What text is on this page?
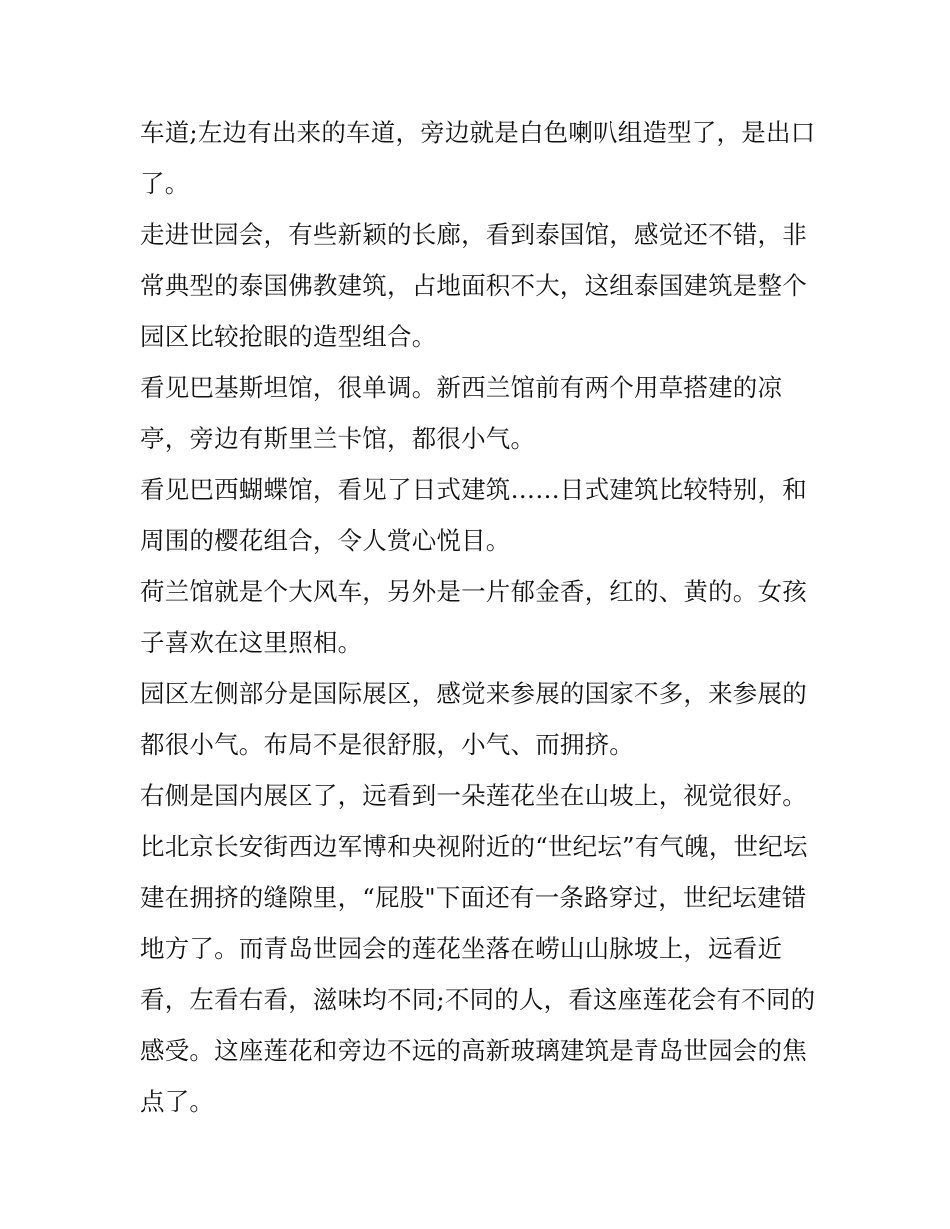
车道;左边有出来的车道，旁边就是白色喇叭组造型了，是出口了。

走进世园会，有些新颖的长廊，看到泰国馆，感觉还不错，非常典型的泰国佛教建筑，占地面积不大，这组泰国建筑是整个园区比较抢眼的造型组合。

看见巴基斯坦馆，很单调。新西兰馆前有两个用草搭建的凉亭，旁边有斯里兰卡馆，都很小气。

看见巴西蝴蝶馆，看见了日式建筑……日式建筑比较特别，和周围的樱花组合，令人赏心悦目。

荷兰馆就是个大风车，另外是一片郁金香，红的、黄的。女孩子喜欢在这里照相。

园区左侧部分是国际展区，感觉来参展的国家不多，来参展的都很小气。布局不是很舒服，小气、而拥挤。

右侧是国内展区了，远看到一朵莲花坐在山坡上，视觉很好。比北京长安街西边军博和央视附近的“世纪坛”有气魄，世纪坛建在拥挤的缝隙里，“屁股"下面还有一条路穿过，世纪坛建错地方了。而青岛世园会的莲花坐落在崂山山脉坡上，远看近看，左看右看，滋味均不同;不同的人，看这座莲花会有不同的感受。这座莲花和旁边不远的高新玻璃建筑是青岛世园会的焦点了。
